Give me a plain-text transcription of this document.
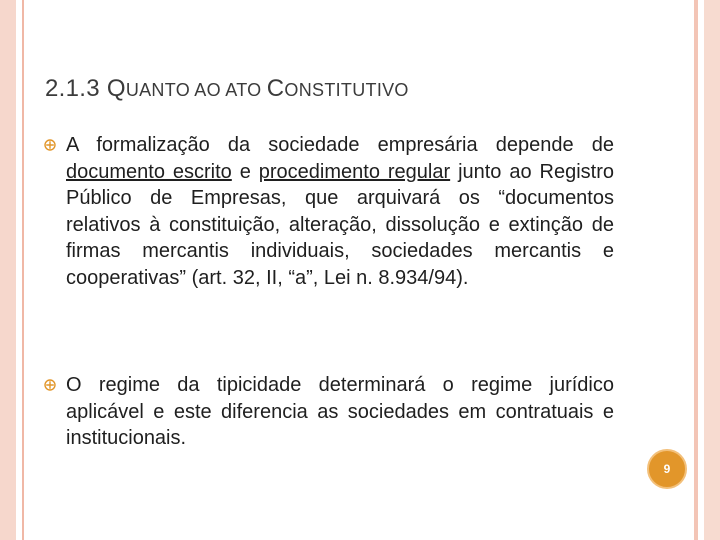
2.1.3 QUANTO AO ATO CONSTITUTIVO
A formalização da sociedade empresária depende de documento escrito e procedimento regular junto ao Registro Público de Empresas, que arquivará os “documentos relativos à constituição, alteração, dissolução e extinção de firmas mercantis individuais, sociedades mercantis e cooperativas” (art. 32, II, “a”, Lei n. 8.934/94).
O regime da tipicidade determinará o regime jurídico aplicável e este diferencia as sociedades em contratuais e institucionais.
9
